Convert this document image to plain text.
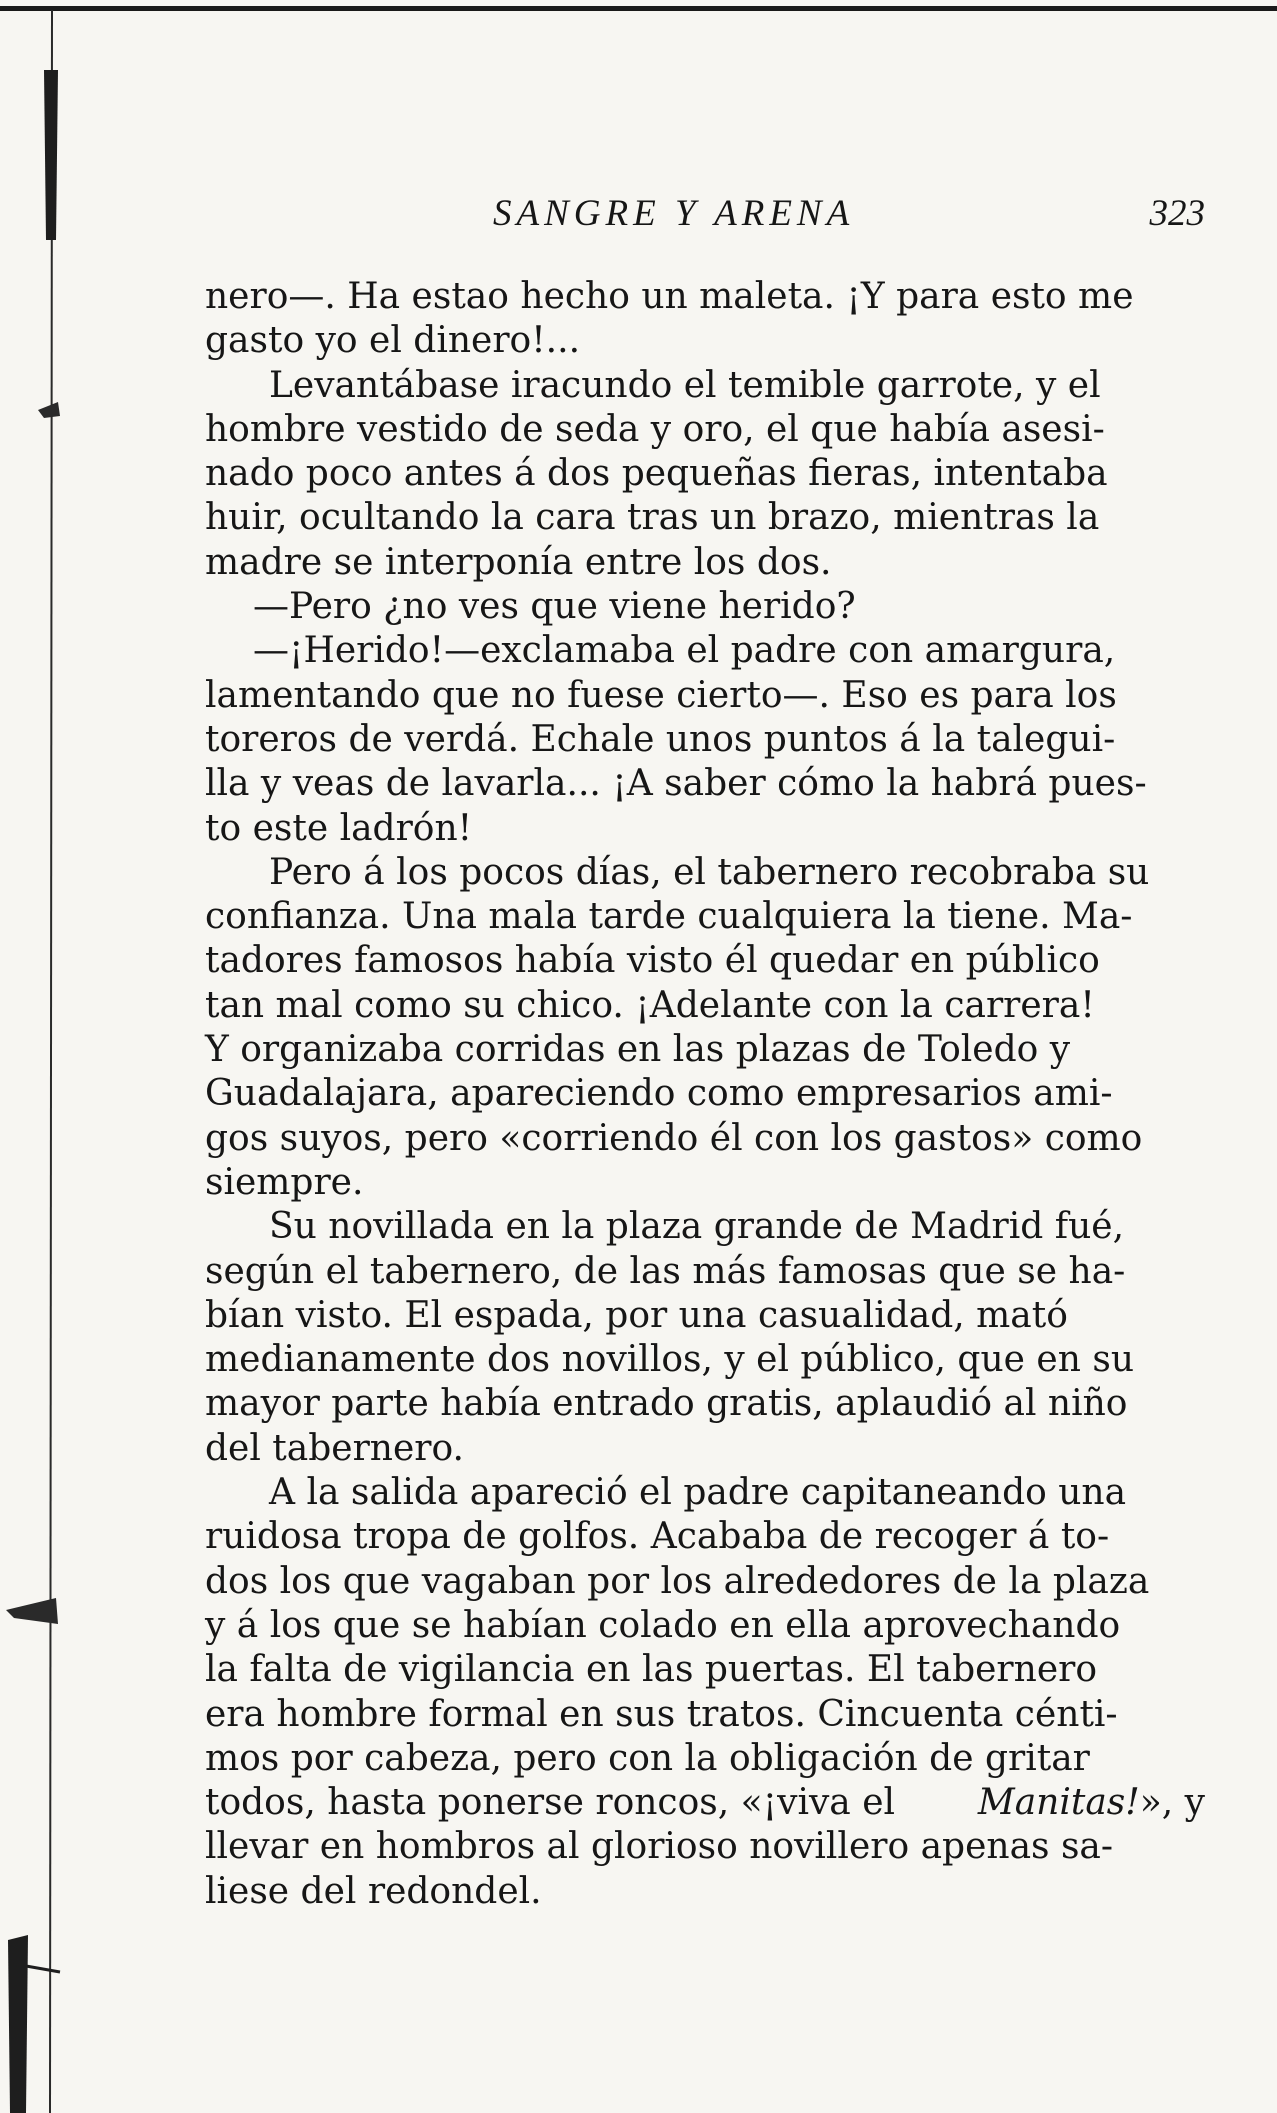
SANGRE Y ARENA	323
nero—. Ha estao hecho un maleta. ¡Y para esto me
gasto yo el dinero!...
Levantábase iracundo el temible garrote, y el
hombre vestido de seda y oro, el que había asesi-
nado poco antes á dos pequeñas fieras, intentaba
huir, ocultando la cara tras un brazo, mientras la
madre se interponía entre los dos.
—Pero ¿no ves que viene herido?
—¡Herido!—exclamaba el padre con amargura,
lamentando que no fuese cierto—. Eso es para los
toreros de verdá. Echale unos puntos á la talegui-
lla y veas de lavarla... ¡A saber cómo la habrá pues-
to este ladrón!
Pero á los pocos días, el tabernero recobraba su
confianza. Una mala tarde cualquiera la tiene. Ma-
tadores famosos había visto él quedar en público
tan mal como su chico. ¡Adelante con la carrera!
Y organizaba corridas en las plazas de Toledo y
Guadalajara, apareciendo como empresarios ami-
gos suyos, pero «corriendo él con los gastos» como
siempre.
Su novillada en la plaza grande de Madrid fué,
según el tabernero, de las más famosas que se ha-
bían visto. El espada, por una casualidad, mató
medianamente dos novillos, y el público, que en su
mayor parte había entrado gratis, aplaudió al niño
del tabernero.
A la salida apareció el padre capitaneando una
ruidosa tropa de golfos. Acababa de recoger á to-
dos los que vagaban por los alrededores de la plaza
y á los que se habían colado en ella aprovechando
la falta de vigilancia en las puertas. El tabernero
era hombre formal en sus tratos. Cincuenta cénti-
mos por cabeza, pero con la obligación de gritar
todos, hasta ponerse roncos, «¡viva el Manitas!», y
llevar en hombros al glorioso novillero apenas sa-
liese del redondel.
